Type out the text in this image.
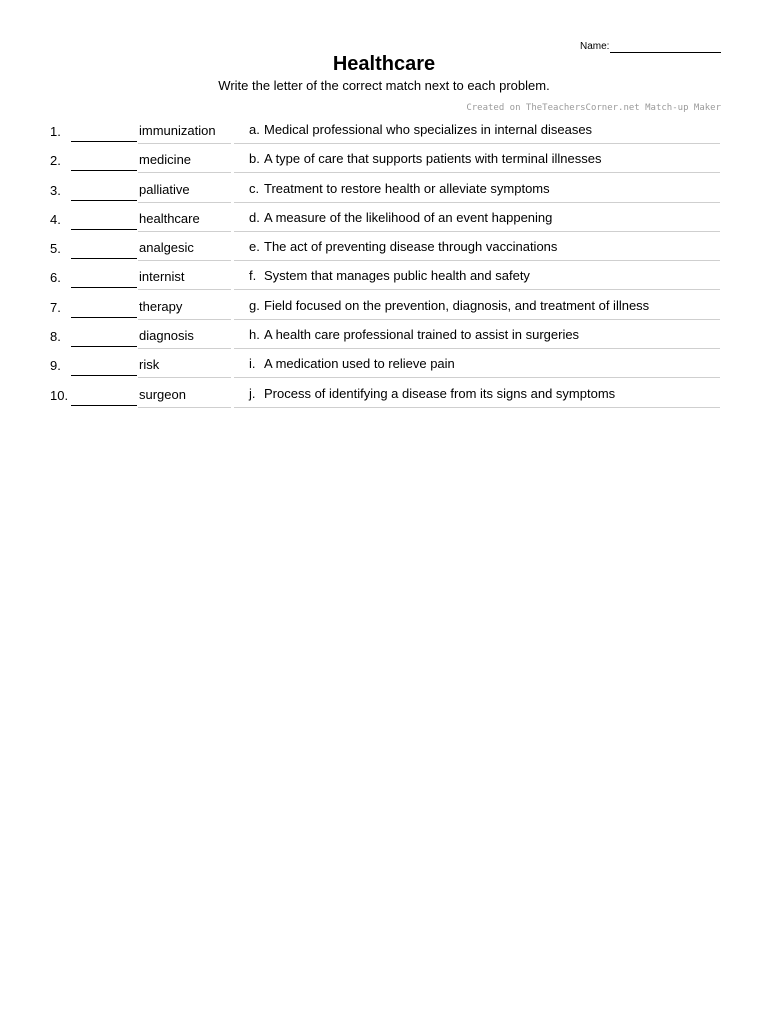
Name:
Healthcare
Write the letter of the correct match next to each problem.
Created on TheTeachersCorner.net Match-up Maker
1.	immunization	a. Medical professional who specializes in internal diseases
2.	medicine	b. A type of care that supports patients with terminal illnesses
3.	palliative	c. Treatment to restore health or alleviate symptoms
4.	healthcare	d. A measure of the likelihood of an event happening
5.	analgesic	e. The act of preventing disease through vaccinations
6.	internist	f. System that manages public health and safety
7.	therapy	g. Field focused on the prevention, diagnosis, and treatment of illness
8.	diagnosis	h. A health care professional trained to assist in surgeries
9.	risk	i. A medication used to relieve pain
10.	surgeon	j. Process of identifying a disease from its signs and symptoms
